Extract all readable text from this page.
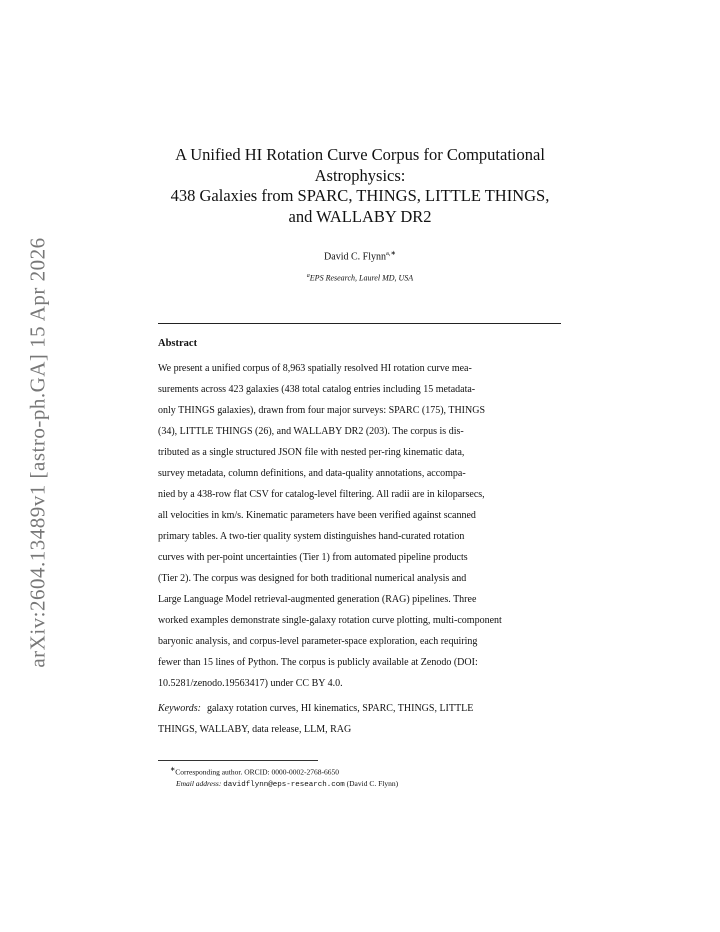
arXiv:2604.13489v1 [astro-ph.GA] 15 Apr 2026
A Unified HI Rotation Curve Corpus for Computational
Astrophysics:
438 Galaxies from SPARC, THINGS, LITTLE THINGS,
and WALLABY DR2
David C. Flynn$^{a,∗}$
$^a$EPS Research, Laurel MD, USA
Abstract
We present a unified corpus of 8,963 spatially resolved HI rotation curve mea-
surements across 423 galaxies (438 total catalog entries including 15 metadata-
only THINGS galaxies), drawn from four major surveys: SPARC (175), THINGS
(34), LITTLE THINGS (26), and WALLABY DR2 (203). The corpus is dis-
tributed as a single structured JSON file with nested per-ring kinematic data,
survey metadata, column definitions, and data-quality annotations, accompa-
nied by a 438-row flat CSV for catalog-level filtering. All radii are in kiloparsecs,
all velocities in km/s. Kinematic parameters have been verified against scanned
primary tables. A two-tier quality system distinguishes hand-curated rotation
curves with per-point uncertainties (Tier 1) from automated pipeline products
(Tier 2). The corpus was designed for both traditional numerical analysis and
Large Language Model retrieval-augmented generation (RAG) pipelines. Three
worked examples demonstrate single-galaxy rotation curve plotting, multi-component
baryonic analysis, and corpus-level parameter-space exploration, each requiring
fewer than 15 lines of Python. The corpus is publicly available at Zenodo (DOI:
10.5281/zenodo.19563417) under CC BY 4.0.
Keywords: galaxy rotation curves, HI kinematics, SPARC, THINGS, LITTLE
THINGS, WALLABY, data release, LLM, RAG
∗Corresponding author. ORCID: 0000-0002-2768-6650
Email address: davidflynn@eps-research.com (David C. Flynn)
